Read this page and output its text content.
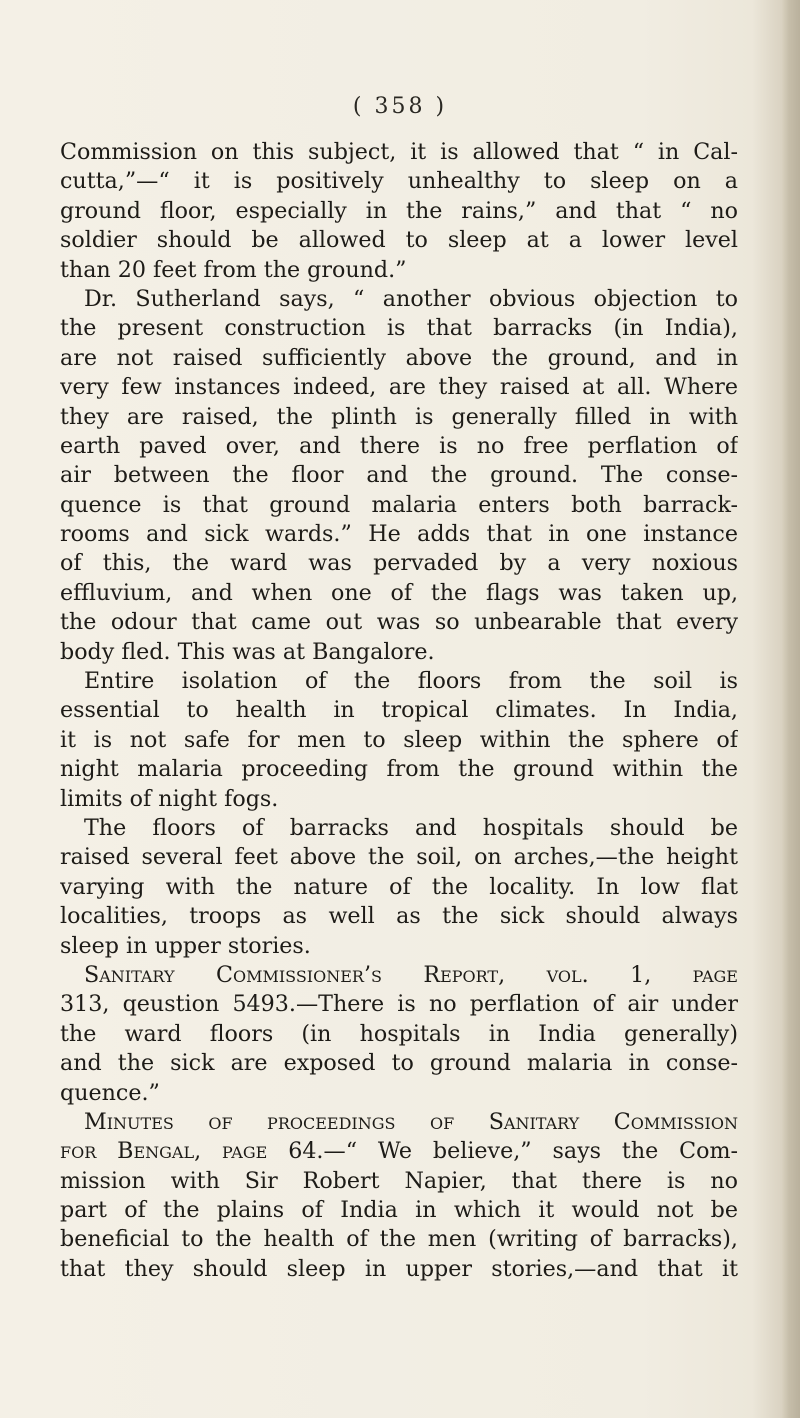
( 358 )
Commission on this subject, it is allowed that “ in Cal-
cutta,”—“ it is positively unhealthy to sleep on a
ground floor, especially in the rains,” and that “ no
soldier should be allowed to sleep at a lower level
than 20 feet from the ground.”
Dr. Sutherland says, “ another obvious objection to
the present construction is that barracks (in India),
are not raised sufficiently above the ground, and in
very few instances indeed, are they raised at all. Where
they are raised, the plinth is generally filled in with
earth paved over, and there is no free perflation of
air between the floor and the ground. The conse-
quence is that ground malaria enters both barrack-
rooms and sick wards.” He adds that in one instance
of this, the ward was pervaded by a very noxious
effluvium, and when one of the flags was taken up,
the odour that came out was so unbearable that every
body fled. This was at Bangalore.
Entire isolation of the floors from the soil is
essential to health in tropical climates. In India,
it is not safe for men to sleep within the sphere of
night malaria proceeding from the ground within the
limits of night fogs.
The floors of barracks and hospitals should be
raised several feet above the soil, on arches,—the height
varying with the nature of the locality. In low flat
localities, troops as well as the sick should always
sleep in upper stories.
Sanitary Commissioner’s Report, vol. 1, page
313, qeustion 5493.—There is no perflation of air under
the ward floors (in hospitals in India generally)
and the sick are exposed to ground malaria in conse-
quence.”
Minutes of proceedings of Sanitary Commission
for Bengal, page 64.—“ We believe,” says the Com-
mission with Sir Robert Napier, that there is no
part of the plains of India in which it would not be
beneficial to the health of the men (writing of barracks),
that they should sleep in upper stories,—and that it
